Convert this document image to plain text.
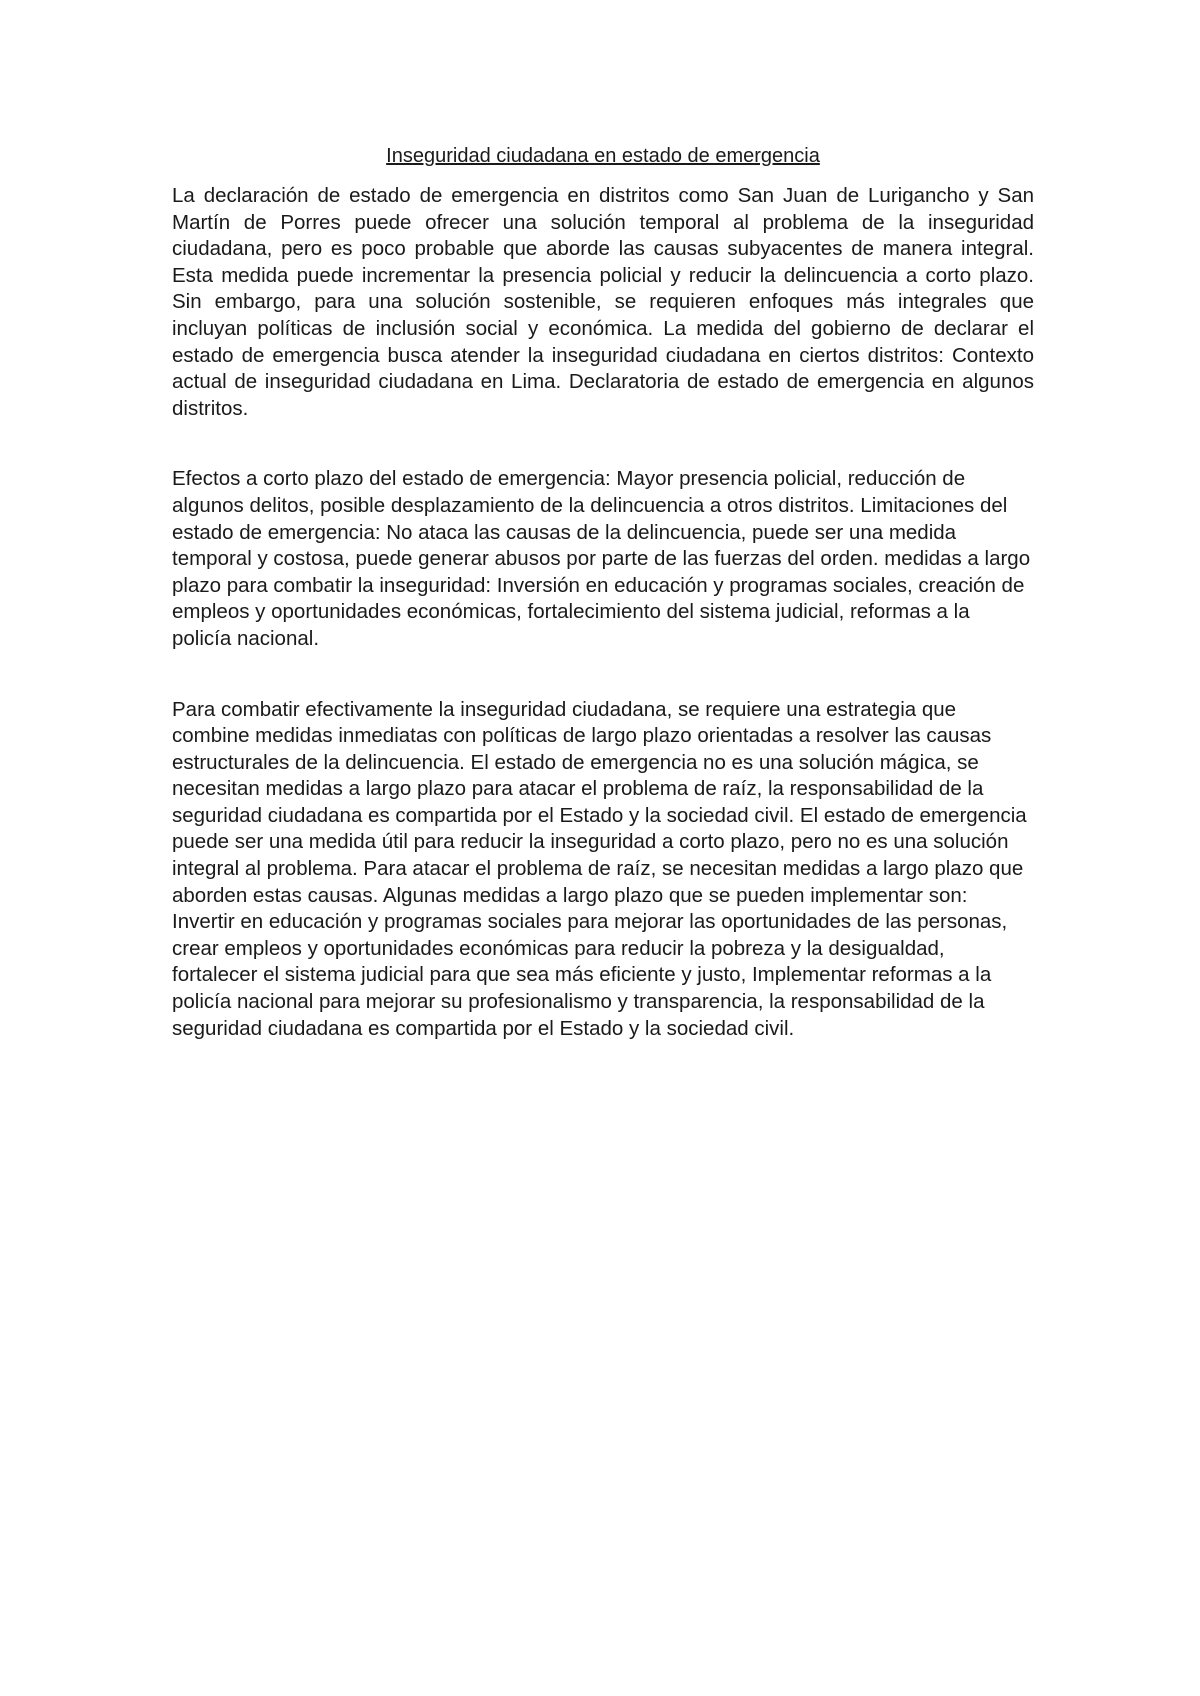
Inseguridad ciudadana en estado de emergencia

La declaración de estado de emergencia en distritos como San Juan de Lurigancho y San Martín de Porres puede ofrecer una solución temporal al problema de la inseguridad ciudadana, pero es poco probable que aborde las causas subyacentes de manera integral. Esta medida puede incrementar la presencia policial y reducir la delincuencia a corto plazo. Sin embargo, para una solución sostenible, se requieren enfoques más integrales que incluyan políticas de inclusión social y económica. La medida del gobierno de declarar el estado de emergencia busca atender la inseguridad ciudadana en ciertos distritos: Contexto actual de inseguridad ciudadana en Lima. Declaratoria de estado de emergencia en algunos distritos.

Efectos a corto plazo del estado de emergencia: Mayor presencia policial, reducción de algunos delitos, posible desplazamiento de la delincuencia a otros distritos. Limitaciones del estado de emergencia: No ataca las causas de la delincuencia, puede ser una medida temporal y costosa, puede generar abusos por parte de las fuerzas del orden. medidas a largo plazo para combatir la inseguridad: Inversión en educación y programas sociales, creación de empleos y oportunidades económicas, fortalecimiento del sistema judicial, reformas a la policía nacional.

Para combatir efectivamente la inseguridad ciudadana, se requiere una estrategia que combine medidas inmediatas con políticas de largo plazo orientadas a resolver las causas estructurales de la delincuencia. El estado de emergencia no es una solución mágica, se necesitan medidas a largo plazo para atacar el problema de raíz, la responsabilidad de la seguridad ciudadana es compartida por el Estado y la sociedad civil. El estado de emergencia puede ser una medida útil para reducir la inseguridad a corto plazo, pero no es una solución integral al problema. Para atacar el problema de raíz, se necesitan medidas a largo plazo que aborden estas causas. Algunas medidas a largo plazo que se pueden implementar son: Invertir en educación y programas sociales para mejorar las oportunidades de las personas, crear empleos y oportunidades económicas para reducir la pobreza y la desigualdad, fortalecer el sistema judicial para que sea más eficiente y justo, Implementar reformas a la policía nacional para mejorar su profesionalismo y transparencia, la responsabilidad de la seguridad ciudadana es compartida por el Estado y la sociedad civil.
